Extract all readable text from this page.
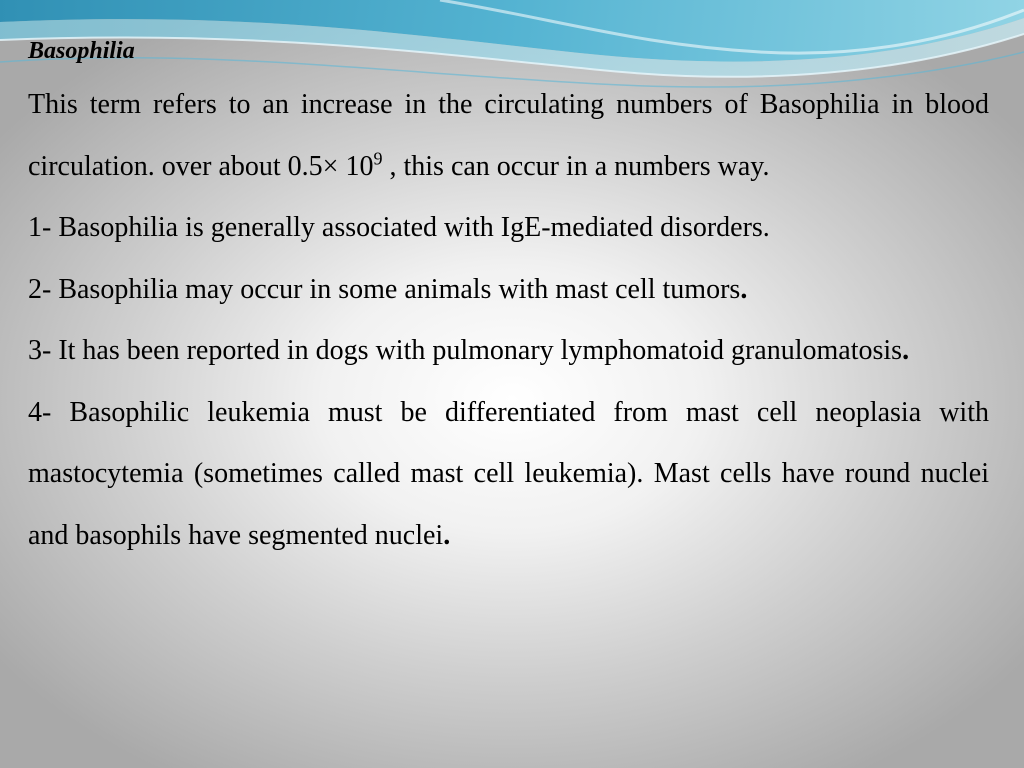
Basophilia

This term refers to an increase in the circulating numbers of Basophilia in blood circulation. over about $0.5\times 10^9$ , this can occur in a numbers way.

1- Basophilia is generally associated with IgE-mediated disorders.

2- Basophilia may occur in some animals with mast cell tumors.

3- It has been reported in dogs with pulmonary lymphomatoid granulomatosis.

4- Basophilic leukemia must be differentiated from mast cell neoplasia with mastocytemia (sometimes called mast cell leukemia). Mast cells have round nuclei and basophils have segmented nuclei.
